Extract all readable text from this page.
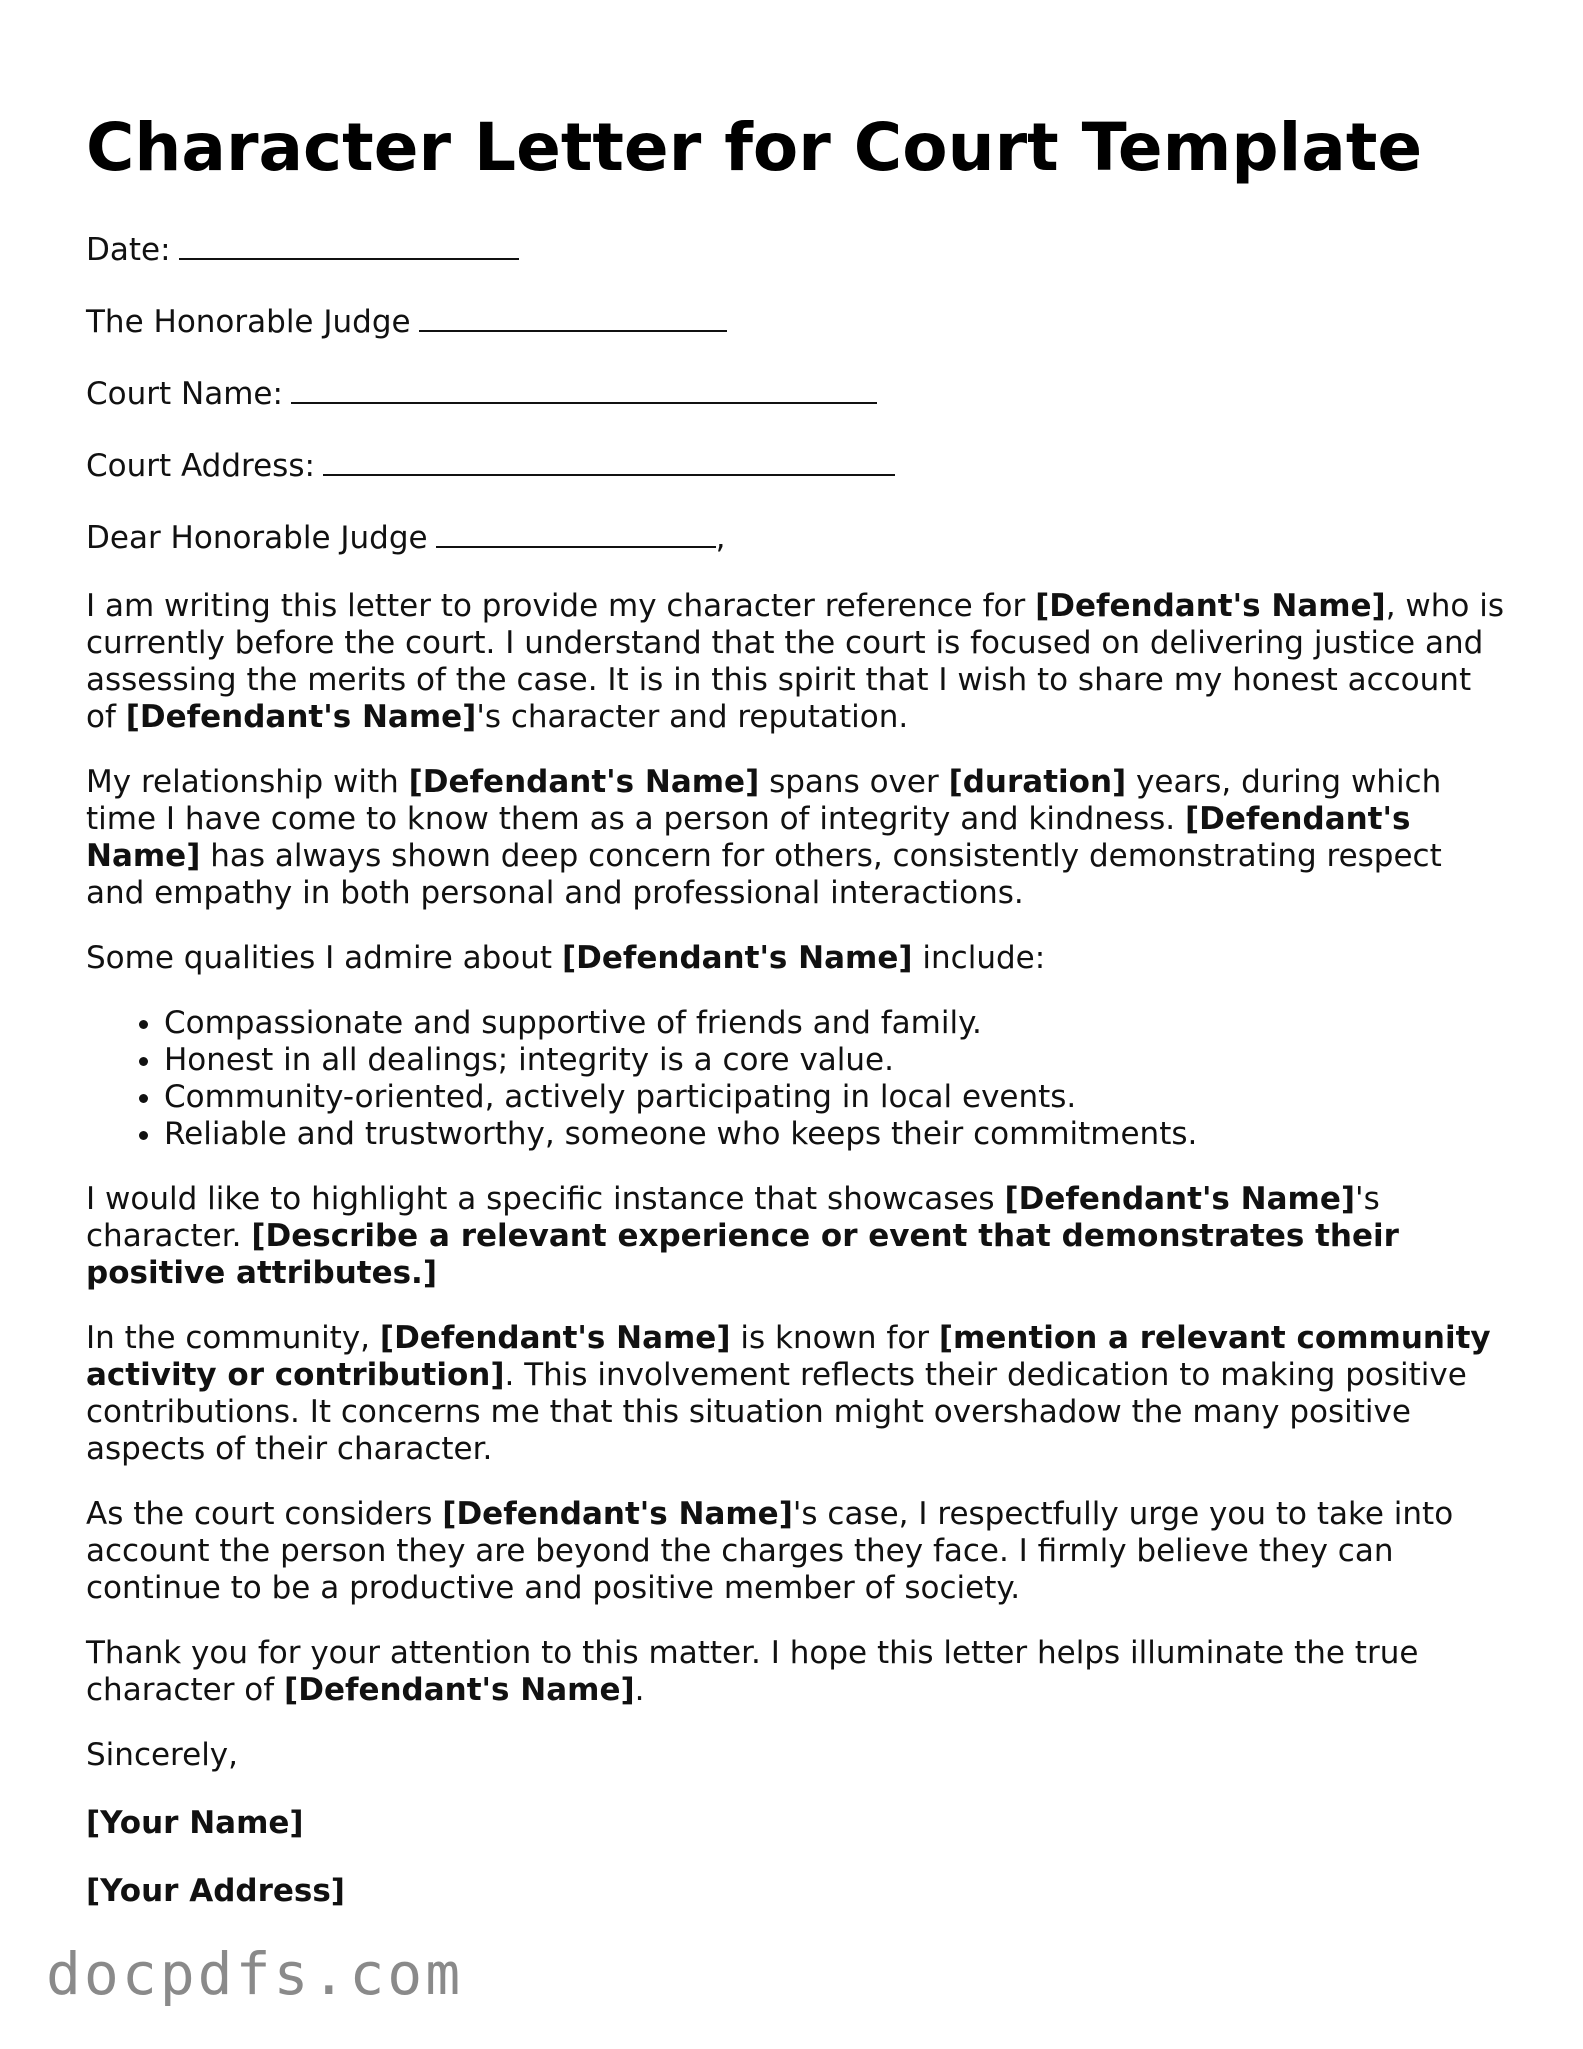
Character Letter for Court Template

Date:

The Honorable Judge

Court Name:

Court Address:

Dear Honorable Judge	,

I am writing this letter to provide my character reference for [Defendant's Name], who is currently before the court. I understand that the court is focused on delivering justice and assessing the merits of the case. It is in this spirit that I wish to share my honest account of [Defendant's Name]'s character and reputation.

My relationship with [Defendant's Name] spans over [duration] years, during which time I have come to know them as a person of integrity and kindness. [Defendant's Name] has always shown deep concern for others, consistently demonstrating respect and empathy in both personal and professional interactions.

Some qualities I admire about [Defendant's Name] include:

• Compassionate and supportive of friends and family.
• Honest in all dealings; integrity is a core value.
• Community-oriented, actively participating in local events.
• Reliable and trustworthy, someone who keeps their commitments.

I would like to highlight a specific instance that showcases [Defendant's Name]'s character. [Describe a relevant experience or event that demonstrates their positive attributes.]

In the community, [Defendant's Name] is known for [mention a relevant community activity or contribution]. This involvement reflects their dedication to making positive contributions. It concerns me that this situation might overshadow the many positive aspects of their character.

As the court considers [Defendant's Name]'s case, I respectfully urge you to take into account the person they are beyond the charges they face. I firmly believe they can continue to be a productive and positive member of society.

Thank you for your attention to this matter. I hope this letter helps illuminate the true character of [Defendant's Name].

Sincerely,

[Your Name]

[Your Address]

docpdfs.com
